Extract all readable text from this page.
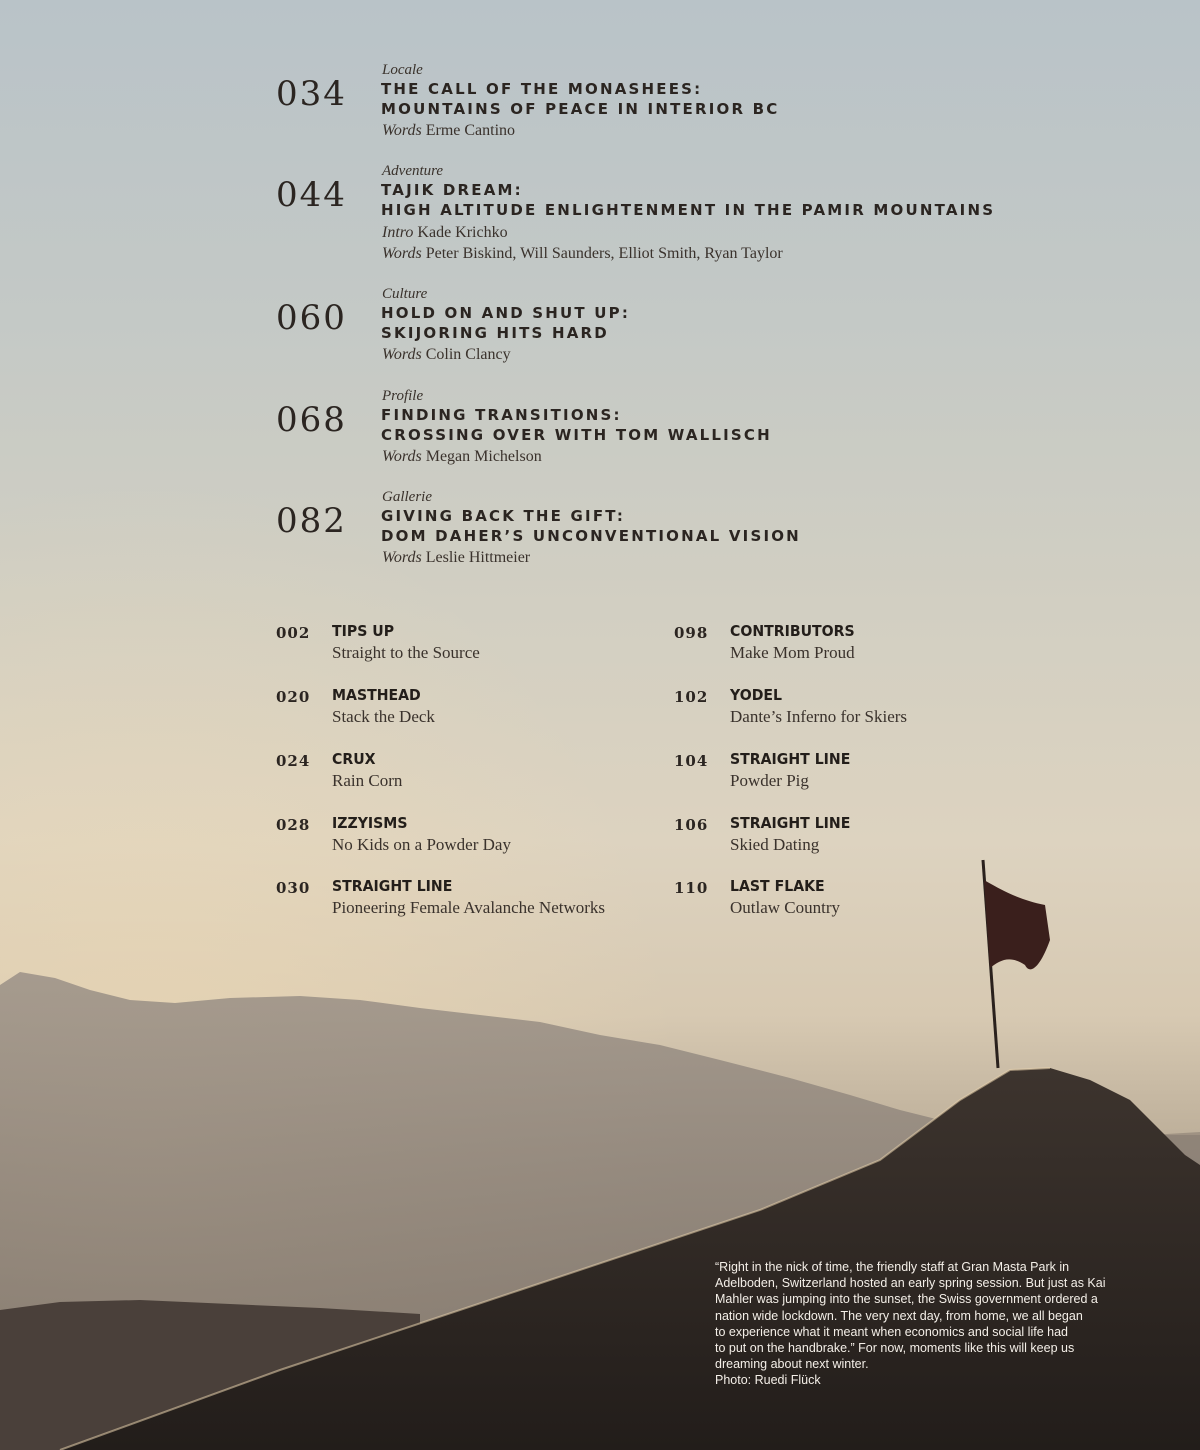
034
Locale
THE CALL OF THE MONASHEES:
MOUNTAINS OF PEACE IN INTERIOR BC
Words Erme Cantino
044
Adventure
TAJIK DREAM:
HIGH ALTITUDE ENLIGHTENMENT IN THE PAMIR MOUNTAINS
Intro Kade Krichko
Words Peter Biskind, Will Saunders, Elliot Smith, Ryan Taylor
060
Culture
HOLD ON AND SHUT UP:
SKIJORING HITS HARD
Words Colin Clancy
068
Profile
FINDING TRANSITIONS:
CROSSING OVER WITH TOM WALLISCH
Words Megan Michelson
082
Gallerie
GIVING BACK THE GIFT:
DOM DAHER’S UNCONVENTIONAL VISION
Words Leslie Hittmeier
002 TIPS UP
Straight to the Source
020 MASTHEAD
Stack the Deck
024 CRUX
Rain Corn
028 IZZYISMS
No Kids on a Powder Day
030 STRAIGHT LINE
Pioneering Female Avalanche Networks
098 CONTRIBUTORS
Make Mom Proud
102 YODEL
Dante’s Inferno for Skiers
104 STRAIGHT LINE
Powder Pig
106 STRAIGHT LINE
Skied Dating
110 LAST FLAKE
Outlaw Country
“Right in the nick of time, the friendly staff at Gran Masta Park in
Adelboden, Switzerland hosted an early spring session. But just as Kai
Mahler was jumping into the sunset, the Swiss government ordered a
nation wide lockdown. The very next day, from home, we all began
to experience what it meant when economics and social life had
to put on the handbrake.” For now, moments like this will keep us
dreaming about next winter.
Photo: Ruedi Flück
